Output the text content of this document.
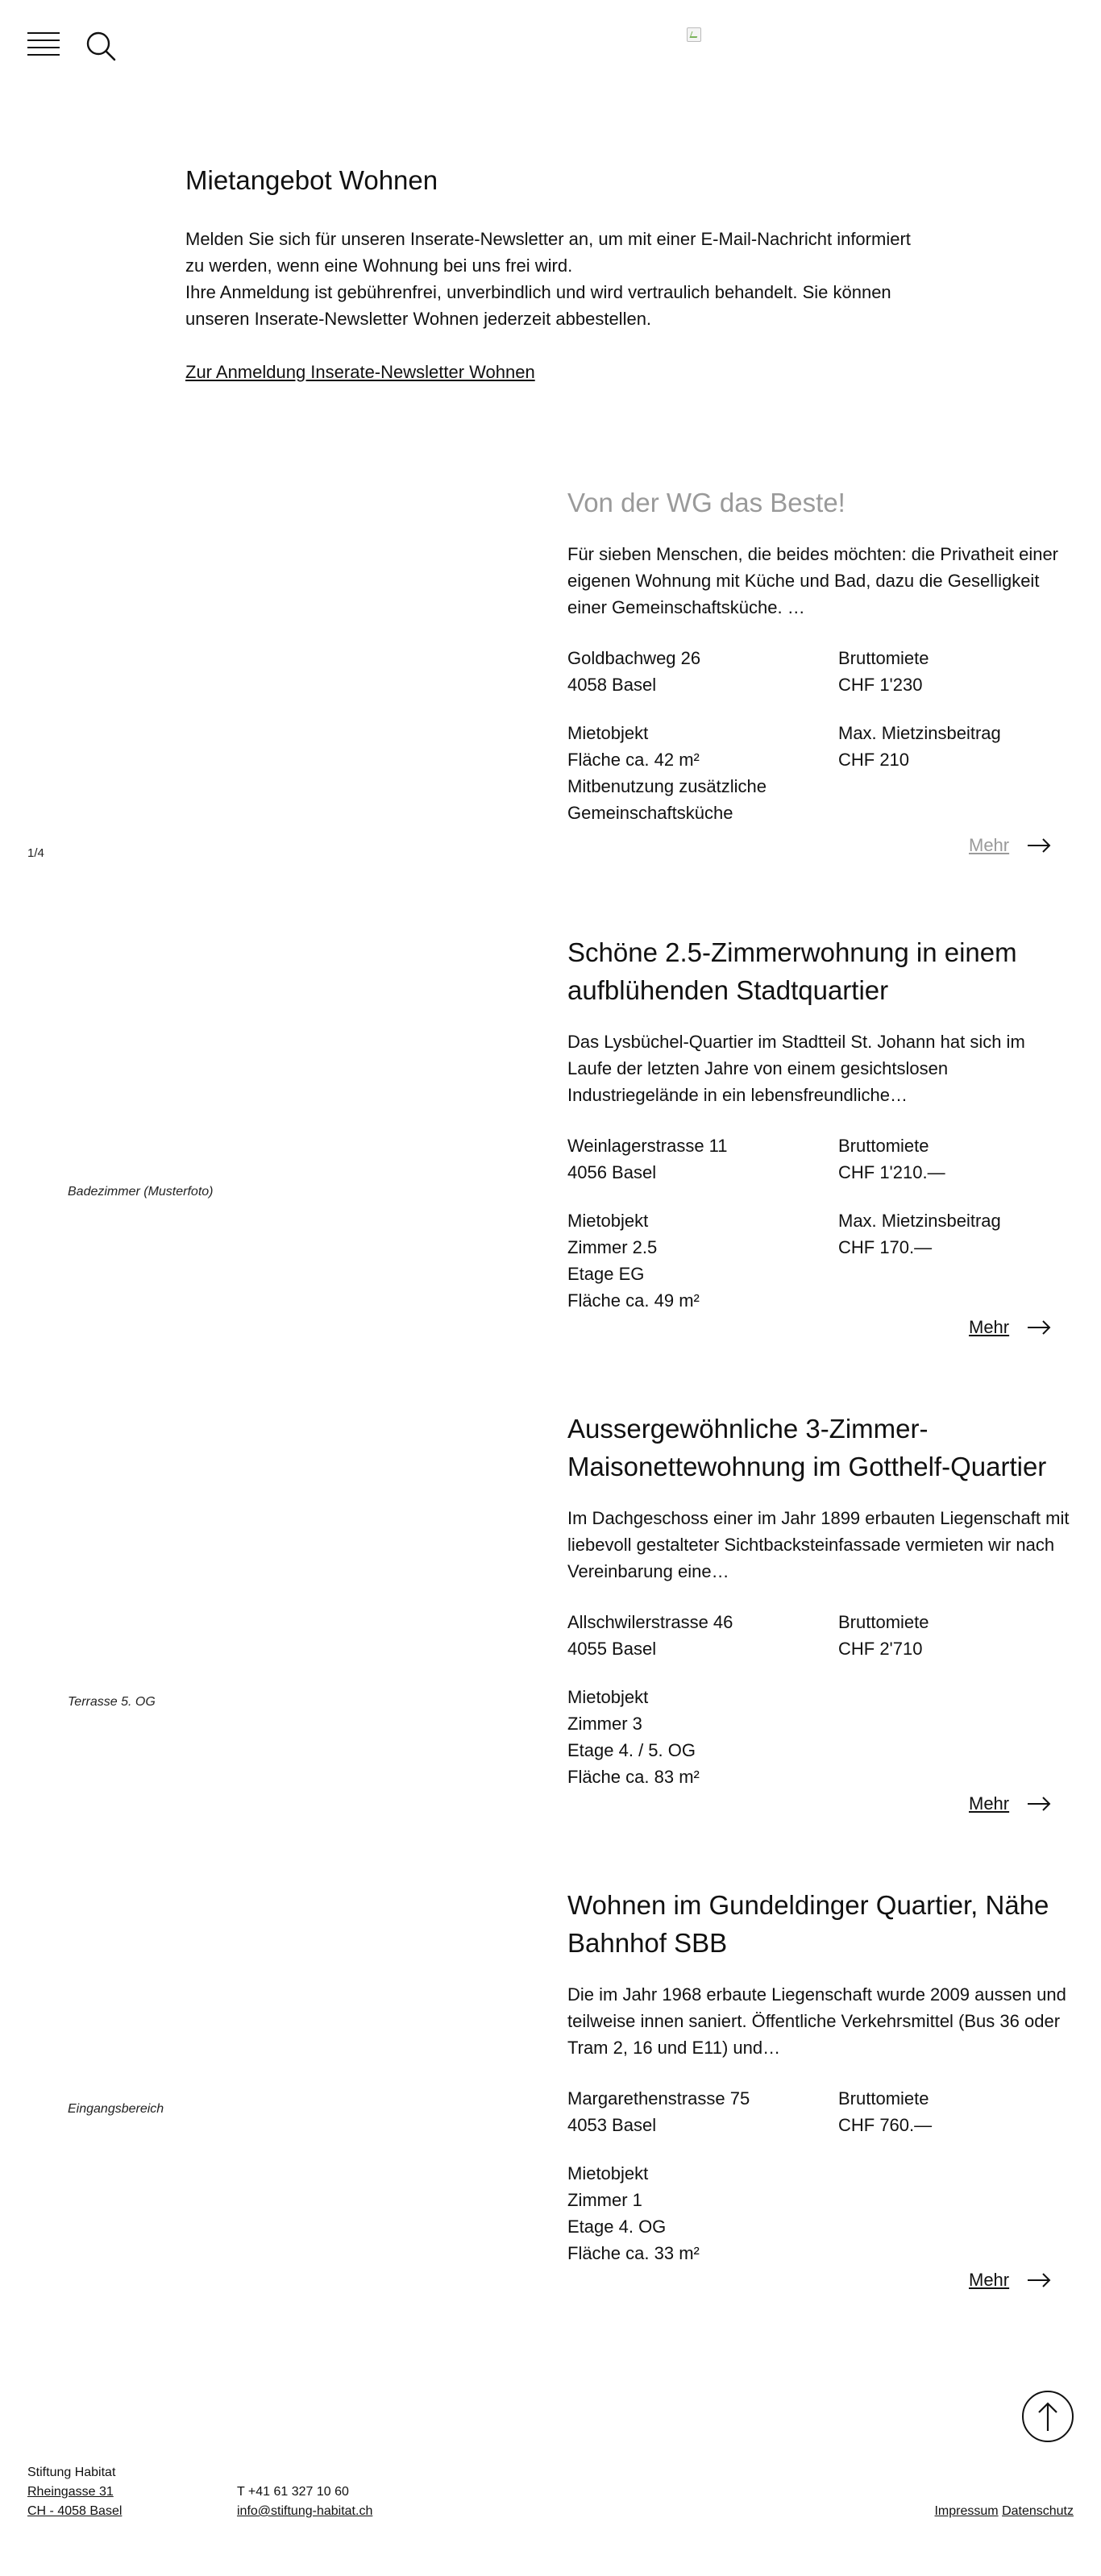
Mietangebot Wohnen

Melden Sie sich für unseren Inserate-Newsletter an, um mit einer E-Mail-Nachricht informiert
zu werden, wenn eine Wohnung bei uns frei wird.
Ihre Anmeldung ist gebührenfrei, unverbindlich und wird vertraulich behandelt. Sie können
unseren Inserate-Newsletter Wohnen jederzeit abbestellen.

Zur Anmeldung Inserate-Newsletter Wohnen
1/4
Von der WG das Beste!

Für sieben Menschen, die beides möchten: die Privatheit einer
eigenen Wohnung mit Küche und Bad, dazu die Geselligkeit
einer Gemeinschaftsküche. …

Goldbachweg 26
4058 Basel
Mietobjekt
Fläche ca. 42 m²
Mitbenutzung zusätzliche
Gemeinschaftsküche
Bruttomiete
CHF 1'230
Max. Mietzinsbeitrag
CHF 210
Mehr
Badezimmer (Musterfoto)
Schöne 2.5-Zimmerwohnung in einem
aufblühenden Stadtquartier

Das Lysbüchel-Quartier im Stadtteil St. Johann hat sich im
Laufe der letzten Jahre von einem gesichtslosen
Industriegelände in ein lebensfreundliche…

Weinlagerstrasse 11
4056 Basel
Mietobjekt
Zimmer 2.5
Etage EG
Fläche ca. 49 m²
Bruttomiete
CHF 1'210.—
Max. Mietzinsbeitrag
CHF 170.—
Mehr
Terrasse 5. OG
Aussergewöhnliche 3-Zimmer-
Maisonettewohnung im Gotthelf-Quartier

Im Dachgeschoss einer im Jahr 1899 erbauten Liegenschaft mit
liebevoll gestalteter Sichtbacksteinfassade vermieten wir nach
Vereinbarung eine…

Allschwilerstrasse 46
4055 Basel
Mietobjekt
Zimmer 3
Etage 4. / 5. OG
Fläche ca. 83 m²
Bruttomiete
CHF 2'710
Mehr
Eingangsbereich
Wohnen im Gundeldinger Quartier, Nähe
Bahnhof SBB

Die im Jahr 1968 erbaute Liegenschaft wurde 2009 aussen und
teilweise innen saniert. Öffentliche Verkehrsmittel (Bus 36 oder
Tram 2, 16 und E11) und…

Margarethenstrasse 75
4053 Basel
Mietobjekt
Zimmer 1
Etage 4. OG
Fläche ca. 33 m²
Bruttomiete
CHF 760.—
Mehr
Stiftung Habitat
Rheingasse 31
CH - 4058 Basel
T +41 61 327 10 60
info@stiftung-habitat.ch	Impressum Datenschutz
